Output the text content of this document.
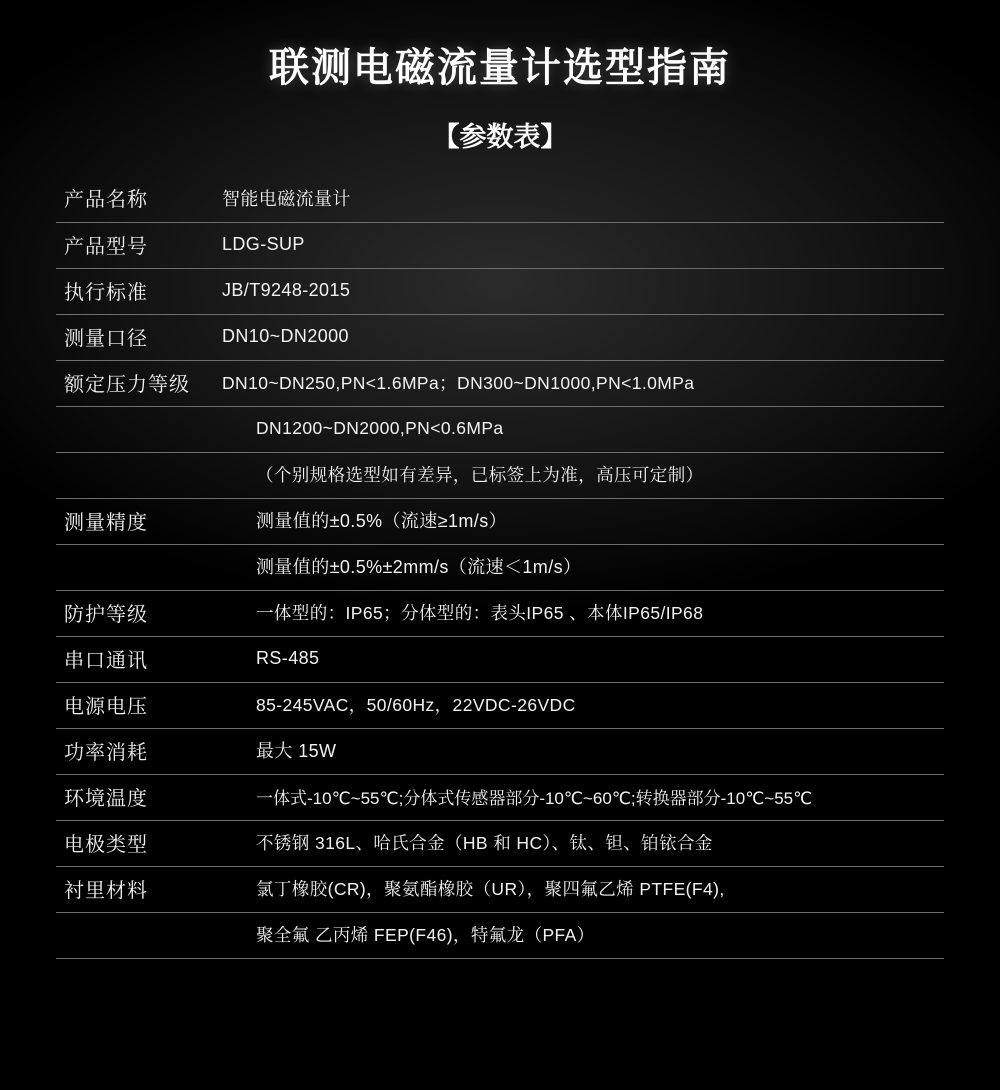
联测电磁流量计选型指南
【参数表】
产品名称	智能电磁流量计
产品型号	LDG-SUP
执行标准	JB/T9248-2015
测量口径	DN10~DN2000
额定压力等级	DN10~DN250,PN<1.6MPa；DN300~DN1000,PN<1.0MPa
	DN1200~DN2000,PN<0.6MPa
	（个别规格选型如有差异，已标签上为准，高压可定制）
测量精度	测量值的±0.5%（流速≥1m/s）
	测量值的±0.5%±2mm/s（流速＜1m/s）
防护等级	一体型的：IP65；分体型的：表头IP65 、本体IP65/IP68
串口通讯	RS-485
电源电压	85-245VAC，50/60Hz，22VDC-26VDC
功率消耗	最大 15W
环境温度	一体式-10℃~55℃;分体式传感器部分-10℃~60℃;转换器部分-10℃~55℃
电极类型	不锈钢 316L、哈氏合金（HB 和 HC）、钛、钽、铂铱合金
衬里材料	氯丁橡胶(CR)，聚氨酯橡胶（UR），聚四氟乙烯 PTFE(F4),
	聚全氟 乙丙烯 FEP(F46)，特氟龙（PFA）
